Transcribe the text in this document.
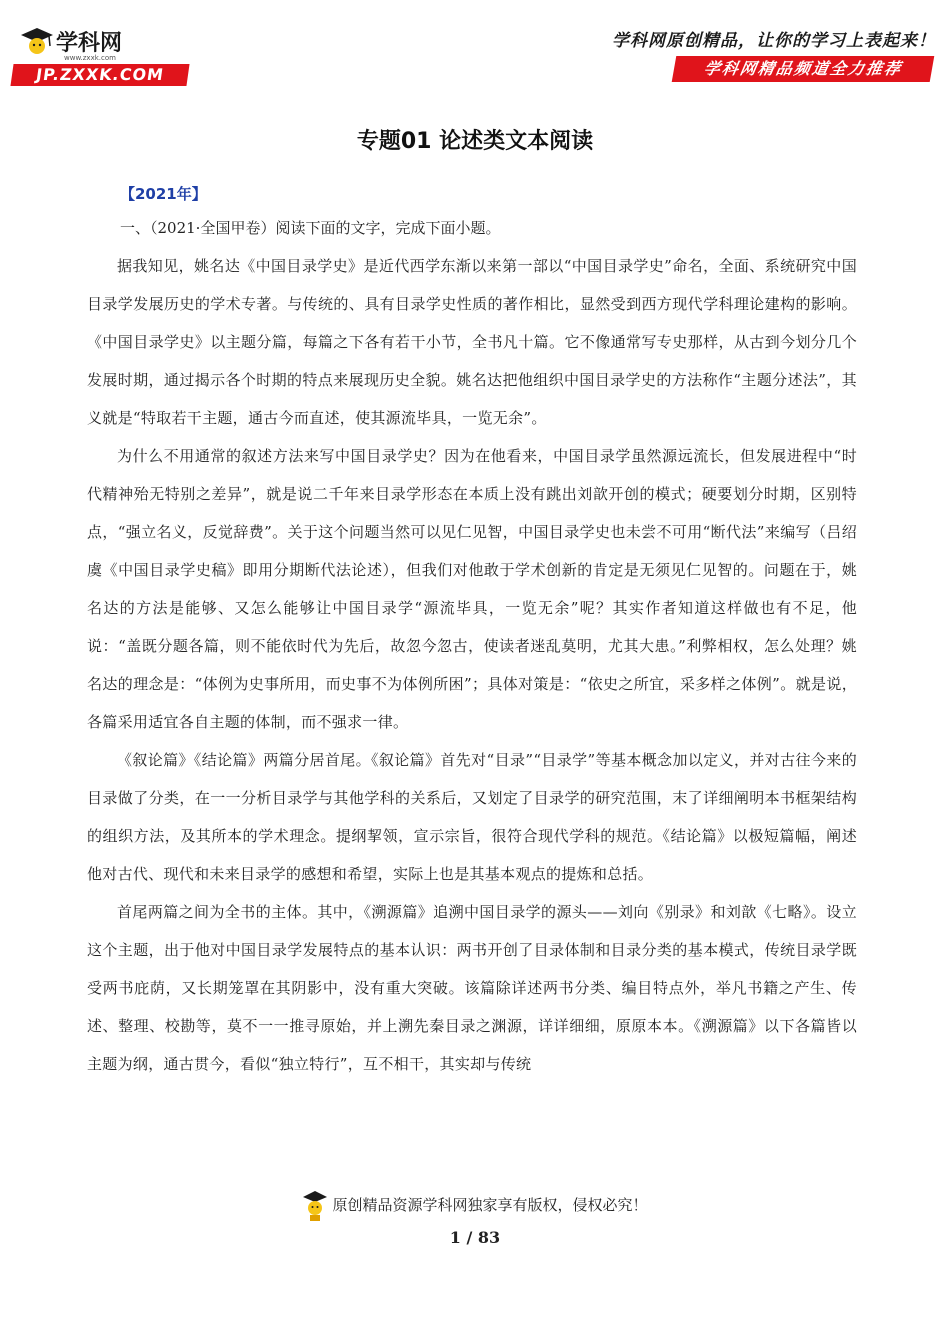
学科网
www.zxxk.com
JP.ZXXK.COM
学科网原创精品，让你的学习上表起来！
学科网精品频道全力推荐
专题01 论述类文本阅读
【2021年】
一、（2021·全国甲卷）阅读下面的文字，完成下面小题。

据我知见，姚名达《中国目录学史》是近代西学东渐以来第一部以“中国目录学史”命名，全面、系统研究中国目录学发展历史的学术专著。与传统的、具有目录学史性质的著作相比，显然受到西方现代学科理论建构的影响。《中国目录学史》以主题分篇，每篇之下各有若干小节，全书凡十篇。它不像通常写专史那样，从古到今划分几个发展时期，通过揭示各个时期的特点来展现历史全貌。姚名达把他组织中国目录学史的方法称作“主题分述法”，其义就是“特取若干主题，通古今而直述，使其源流毕具，一览无余”。

为什么不用通常的叙述方法来写中国目录学史？因为在他看来，中国目录学虽然源远流长，但发展进程中“时代精神殆无特别之差异”，就是说二千年来目录学形态在本质上没有跳出刘歆开创的模式；硬要划分时期，区别特点，“强立名义，反觉辞费”。关于这个问题当然可以见仁见智，中国目录学史也未尝不可用“断代法”来编写（吕绍虞《中国目录学史稿》即用分期断代法论述），但我们对他敢于学术创新的肯定是无须见仁见智的。问题在于，姚名达的方法是能够、又怎么能够让中国目录学“源流毕具，一览无余”呢？其实作者知道这样做也有不足，他说：“盖既分题各篇，则不能依时代为先后，故忽今忽古，使读者迷乱莫明，尤其大患。”利弊相权，怎么处理？姚名达的理念是：“体例为史事所用，而史事不为体例所困”；具体对策是：“依史之所宜，采多样之体例”。就是说，各篇采用适宜各自主题的体制，而不强求一律。

《叙论篇》《结论篇》两篇分居首尾。《叙论篇》首先对“目录”“目录学”等基本概念加以定义，并对古往今来的目录做了分类，在一一分析目录学与其他学科的关系后，又划定了目录学的研究范围，末了详细阐明本书框架结构的组织方法，及其所本的学术理念。提纲挈领，宣示宗旨，很符合现代学科的规范。《结论篇》以极短篇幅，阐述他对古代、现代和未来目录学的感想和希望，实际上也是其基本观点的提炼和总括。

首尾两篇之间为全书的主体。其中，《溯源篇》追溯中国目录学的源头——刘向《别录》和刘歆《七略》。设立这个主题，出于他对中国目录学发展特点的基本认识：两书开创了目录体制和目录分类的基本模式，传统目录学既受两书庇荫，又长期笼罩在其阴影中，没有重大突破。该篇除详述两书分类、编目特点外，举凡书籍之产生、传述、整理、校勘等，莫不一一推寻原始，并上溯先秦目录之渊源，详详细细，原原本本。《溯源篇》以下各篇皆以主题为纲，通古贯今，看似“独立特行”，互不相干，其实却与传统

原创精品资源学科网独家享有版权，侵权必究！
1 / 83
